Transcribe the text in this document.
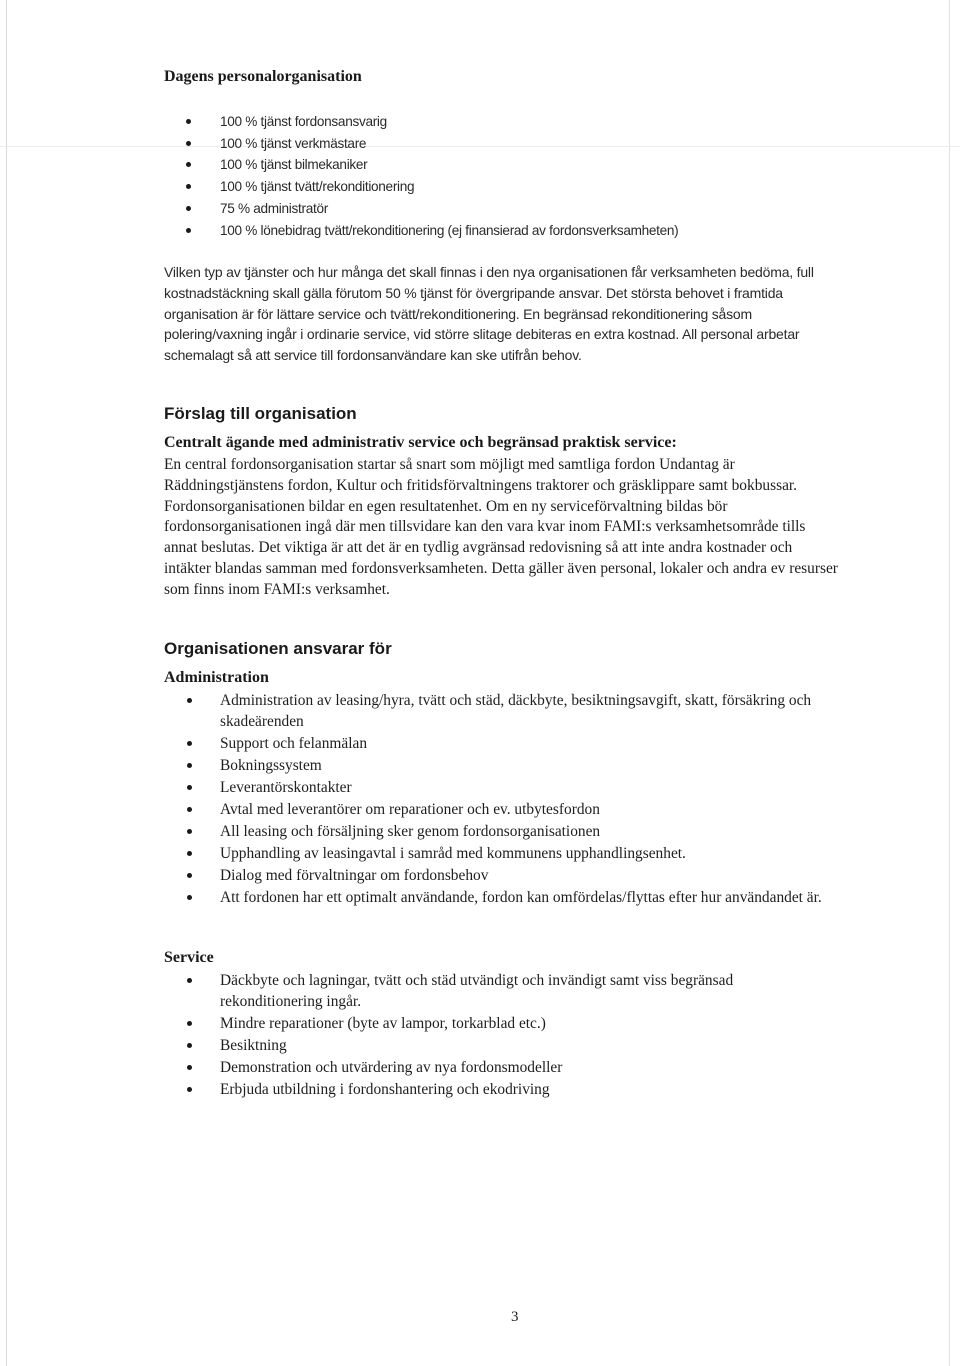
Dagens personalorganisation
100 % tjänst fordonsansvarig
100 % tjänst verkmästare
100 % tjänst bilmekaniker
100 % tjänst tvätt/rekonditionering
75 % administratör
100 % lönebidrag tvätt/rekonditionering (ej finansierad av fordonsverksamheten)
Vilken typ av tjänster och hur många det skall finnas i den nya organisationen får verksamheten bedöma, full kostnadstäckning skall gälla förutom 50 % tjänst för övergripande ansvar. Det största behovet i framtida organisation är för lättare service och tvätt/rekonditionering. En begränsad rekonditionering såsom polering/vaxning ingår i ordinarie service, vid större slitage debiteras en extra kostnad. All personal arbetar schemalagt så att service till fordonsanvändare kan ske utifrån behov.
Förslag till organisation
Centralt ägande med administrativ service och begränsad praktisk service:
En central fordonsorganisation startar så snart som möjligt med samtliga fordon Undantag är Räddningstjänstens fordon, Kultur och fritidsförvaltningens traktorer och gräsklippare samt bokbussar. Fordonsorganisationen bildar en egen resultatenhet. Om en ny serviceförvaltning bildas bör fordonsorganisationen ingå där men tillsvidare kan den vara kvar inom FAMI:s verksamhetsområde tills annat beslutas. Det viktiga är att det är en tydlig avgränsad redovisning så att inte andra kostnader och intäkter blandas samman med fordonsverksamheten. Detta gäller även personal, lokaler och andra ev resurser som finns inom FAMI:s verksamhet.
Organisationen ansvarar för
Administration
Administration av leasing/hyra, tvätt och städ, däckbyte, besiktningsavgift, skatt, försäkring och skadeärenden
Support och felanmälan
Bokningssystem
Leverantörskontakter
Avtal med leverantörer om reparationer och ev. utbytesfordon
All leasing och försäljning sker genom fordonsorganisationen
Upphandling av leasingavtal i samråd med kommunens upphandlingsenhet.
Dialog med förvaltningar om fordonsbehov
Att fordonen har ett optimalt användande, fordon kan omfördelas/flyttas efter hur användandet är.
Service
Däckbyte och lagningar, tvätt och städ utvändigt och invändigt samt viss begränsad rekonditionering ingår.
Mindre reparationer (byte av lampor, torkarblad etc.)
Besiktning
Demonstration och utvärdering av nya fordonsmodeller
Erbjuda utbildning i fordonshantering och ekodriving
3
